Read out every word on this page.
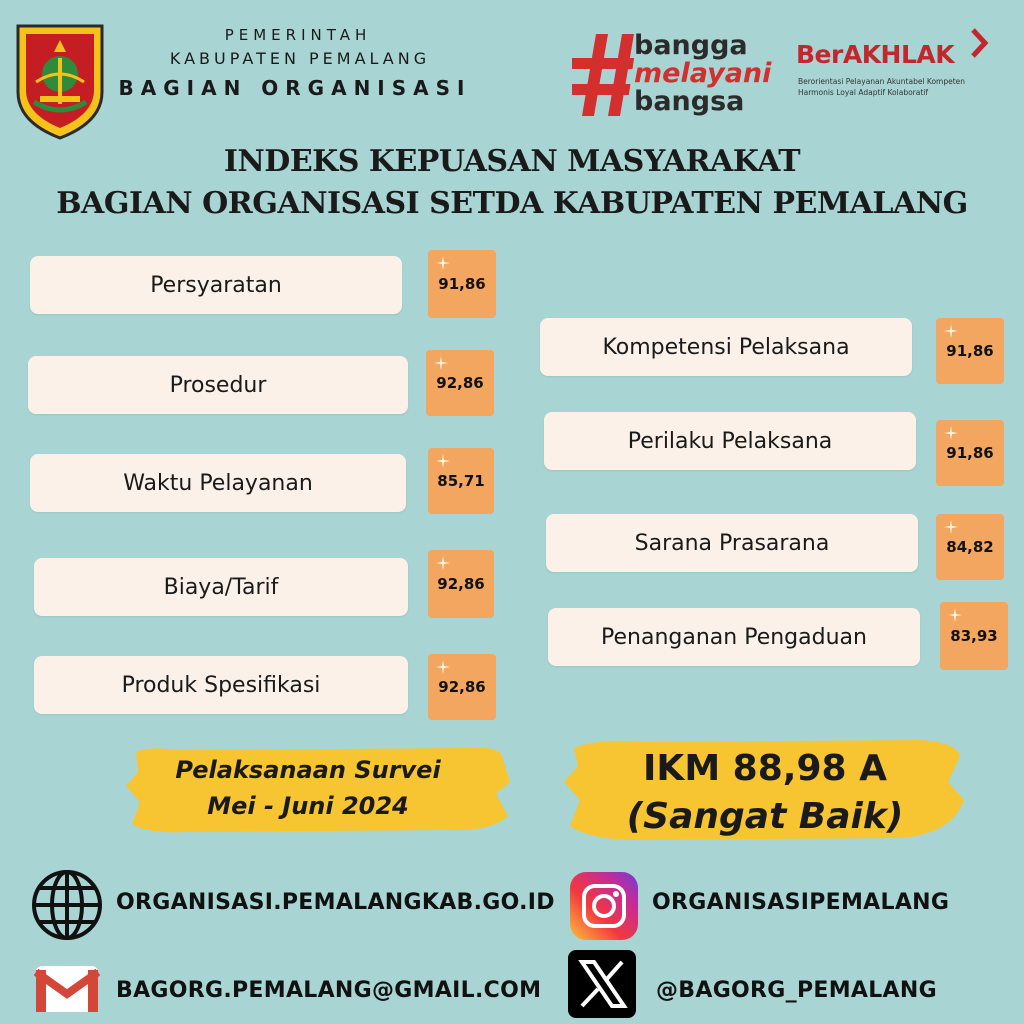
PEMERINTAH
KABUPATEN PEMALANG
BAGIAN ORGANISASI
bangga
melayani
bangsa
BerAKHLAK
Berorientasi Pelayanan Akuntabel Kompeten
Harmonis Loyal Adaptif Kolaboratif
INDEKS KEPUASAN MASYARAKAT
BAGIAN ORGANISASI SETDA KABUPATEN PEMALANG
Persyaratan	91,86
Prosedur	92,86
Waktu Pelayanan	85,71
Biaya/Tarif	92,86
Produk Spesifikasi	92,86
Kompetensi Pelaksana	91,86
Perilaku Pelaksana	91,86
Sarana Prasarana	84,82
Penanganan Pengaduan	83,93
Pelaksanaan Survei
Mei - Juni 2024
IKM 88,98 A
(Sangat Baik)
ORGANISASI.PEMALANGKAB.GO.ID	ORGANISASIPEMALANG
BAGORG.PEMALANG@GMAIL.COM	@BAGORG_PEMALANG
